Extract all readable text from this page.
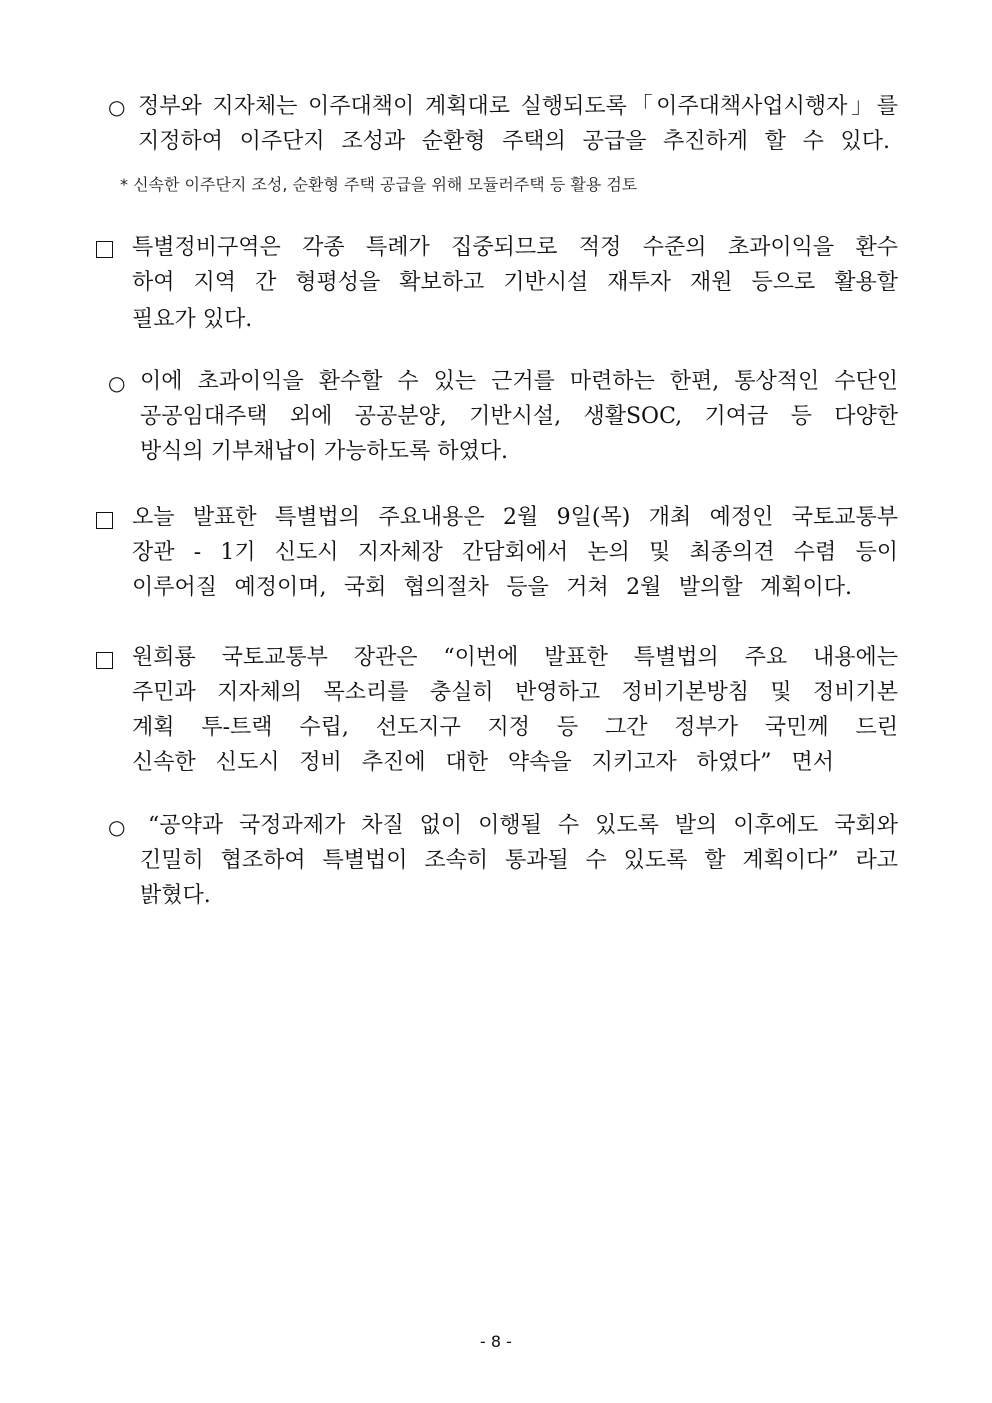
○ 정부와 지자체는 이주대책이 계획대로 실행되도록「이주대책사업시행자」를
지정하여 이주단지 조성과 순환형 주택의 공급을 추진하게 할 수 있다.
* 신속한 이주단지 조성, 순환형 주택 공급을 위해 모듈러주택 등 활용 검토
특별정비구역은 각종 특례가 집중되므로 적정 수준의 초과이익을 환수
하여 지역 간 형평성을 확보하고 기반시설 재투자 재원 등으로 활용할
필요가 있다.
○ 이에 초과이익을 환수할 수 있는 근거를 마련하는 한편, 통상적인 수단인
공공임대주택 외에 공공분양, 기반시설, 생활SOC, 기여금 등 다양한
방식의 기부채납이 가능하도록 하였다.
오늘 발표한 특별법의 주요내용은 2월 9일(목) 개최 예정인 국토교통부
장관 - 1기 신도시 지자체장 간담회에서 논의 및 최종의견 수렴 등이
이루어질 예정이며, 국회 협의절차 등을 거쳐 2월 발의할 계획이다.
원희룡 국토교통부 장관은 “이번에 발표한 특별법의 주요 내용에는
주민과 지자체의 목소리를 충실히 반영하고 정비기본방침 및 정비기본
계획 투-트랙 수립, 선도지구 지정 등 그간 정부가 국민께 드린
신속한 신도시 정비 추진에 대한 약속을 지키고자 하였다” 면서
○ “공약과 국정과제가 차질 없이 이행될 수 있도록 발의 이후에도 국회와
긴밀히 협조하여 특별법이 조속히 통과될 수 있도록 할 계획이다” 라고
밝혔다.
- 8 -
